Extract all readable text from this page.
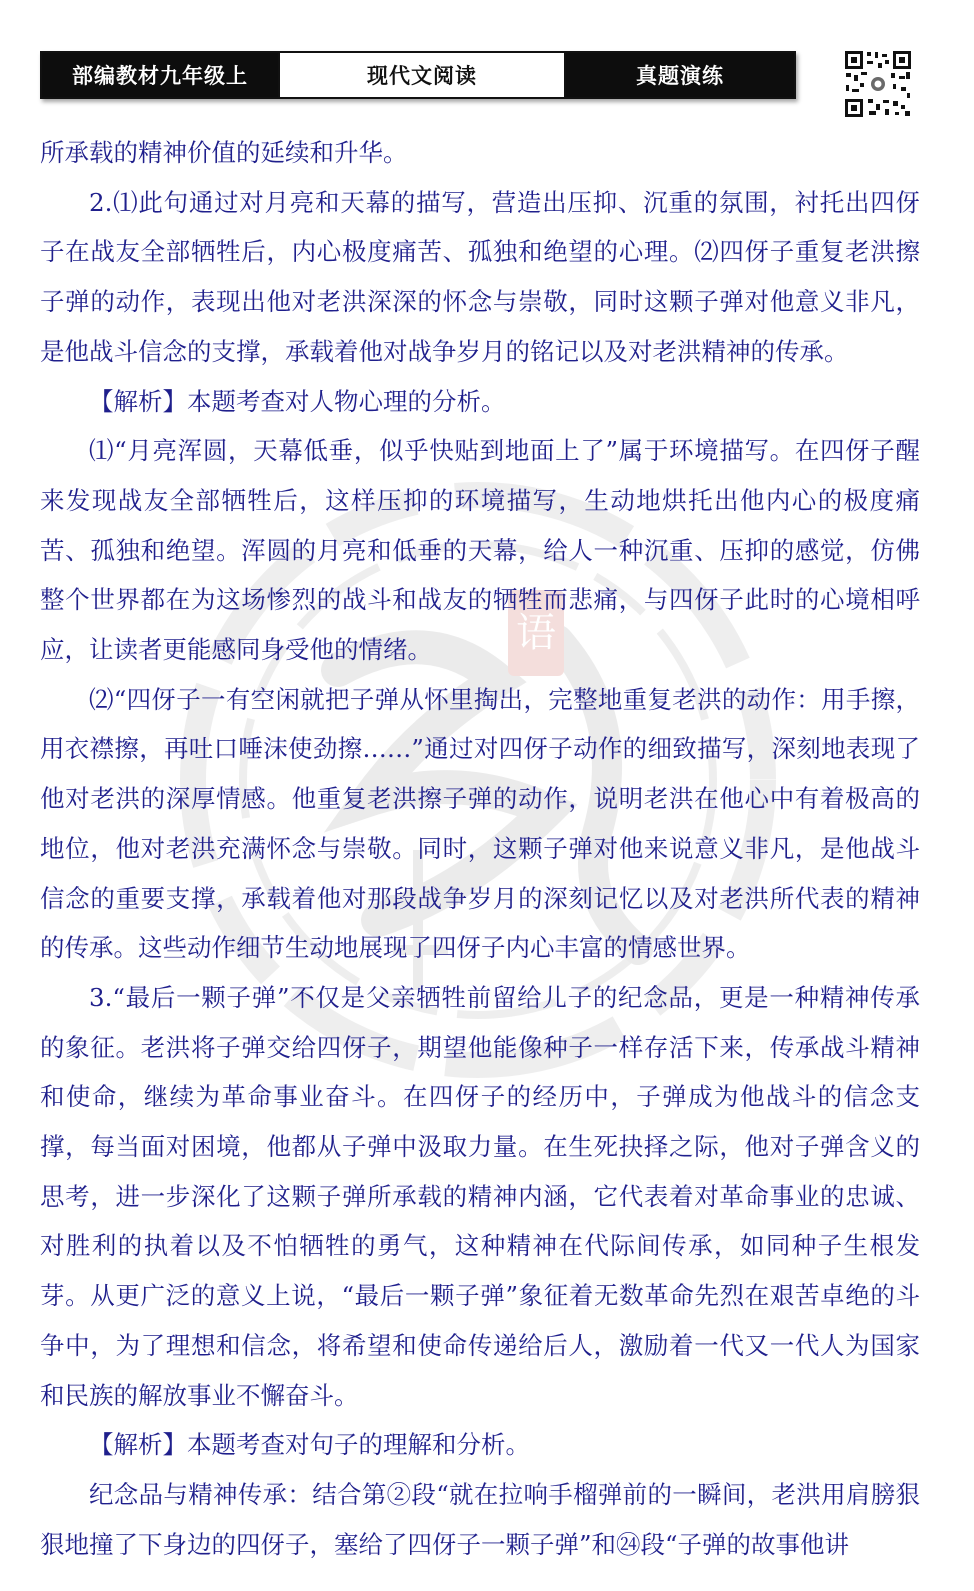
部编教材九年级上	现代文阅读	真题演练
语

所承载的精神价值的延续和升华。

2.⑴此句通过对月亮和天幕的描写，营造出压抑、沉重的氛围，衬托出四伢子在战友全部牺牲后，内心极度痛苦、孤独和绝望的心理。⑵四伢子重复老洪擦子弹的动作，表现出他对老洪深深的怀念与崇敬，同时这颗子弹对他意义非凡，是他战斗信念的支撑，承载着他对战争岁月的铭记以及对老洪精神的传承。

【解析】本题考查对人物心理的分析。

⑴“月亮浑圆，天幕低垂，似乎快贴到地面上了”属于环境描写。在四伢子醒来发现战友全部牺牲后，这样压抑的环境描写，生动地烘托出他内心的极度痛苦、孤独和绝望。浑圆的月亮和低垂的天幕，给人一种沉重、压抑的感觉，仿佛整个世界都在为这场惨烈的战斗和战友的牺牲而悲痛，与四伢子此时的心境相呼应，让读者更能感同身受他的情绪。

⑵“四伢子一有空闲就把子弹从怀里掏出，完整地重复老洪的动作：用手擦，用衣襟擦，再吐口唾沫使劲擦……”通过对四伢子动作的细致描写，深刻地表现了他对老洪的深厚情感。他重复老洪擦子弹的动作，说明老洪在他心中有着极高的地位，他对老洪充满怀念与崇敬。同时，这颗子弹对他来说意义非凡，是他战斗信念的重要支撑，承载着他对那段战争岁月的深刻记忆以及对老洪所代表的精神的传承。这些动作细节生动地展现了四伢子内心丰富的情感世界。

3.“最后一颗子弹”不仅是父亲牺牲前留给儿子的纪念品，更是一种精神传承的象征。老洪将子弹交给四伢子，期望他能像种子一样存活下来，传承战斗精神和使命，继续为革命事业奋斗。在四伢子的经历中，子弹成为他战斗的信念支撑，每当面对困境，他都从子弹中汲取力量。在生死抉择之际，他对子弹含义的思考，进一步深化了这颗子弹所承载的精神内涵，它代表着对革命事业的忠诚、对胜利的执着以及不怕牺牲的勇气，这种精神在代际间传承，如同种子生根发芽。从更广泛的意义上说，“最后一颗子弹”象征着无数革命先烈在艰苦卓绝的斗争中，为了理想和信念，将希望和使命传递给后人，激励着一代又一代人为国家和民族的解放事业不懈奋斗。

【解析】本题考查对句子的理解和分析。

纪念品与精神传承：结合第②段“就在拉响手榴弹前的一瞬间，老洪用肩膀狠狠地撞了下身边的四伢子，塞给了四伢子一颗子弹”和㉔段“子弹的故事他讲
